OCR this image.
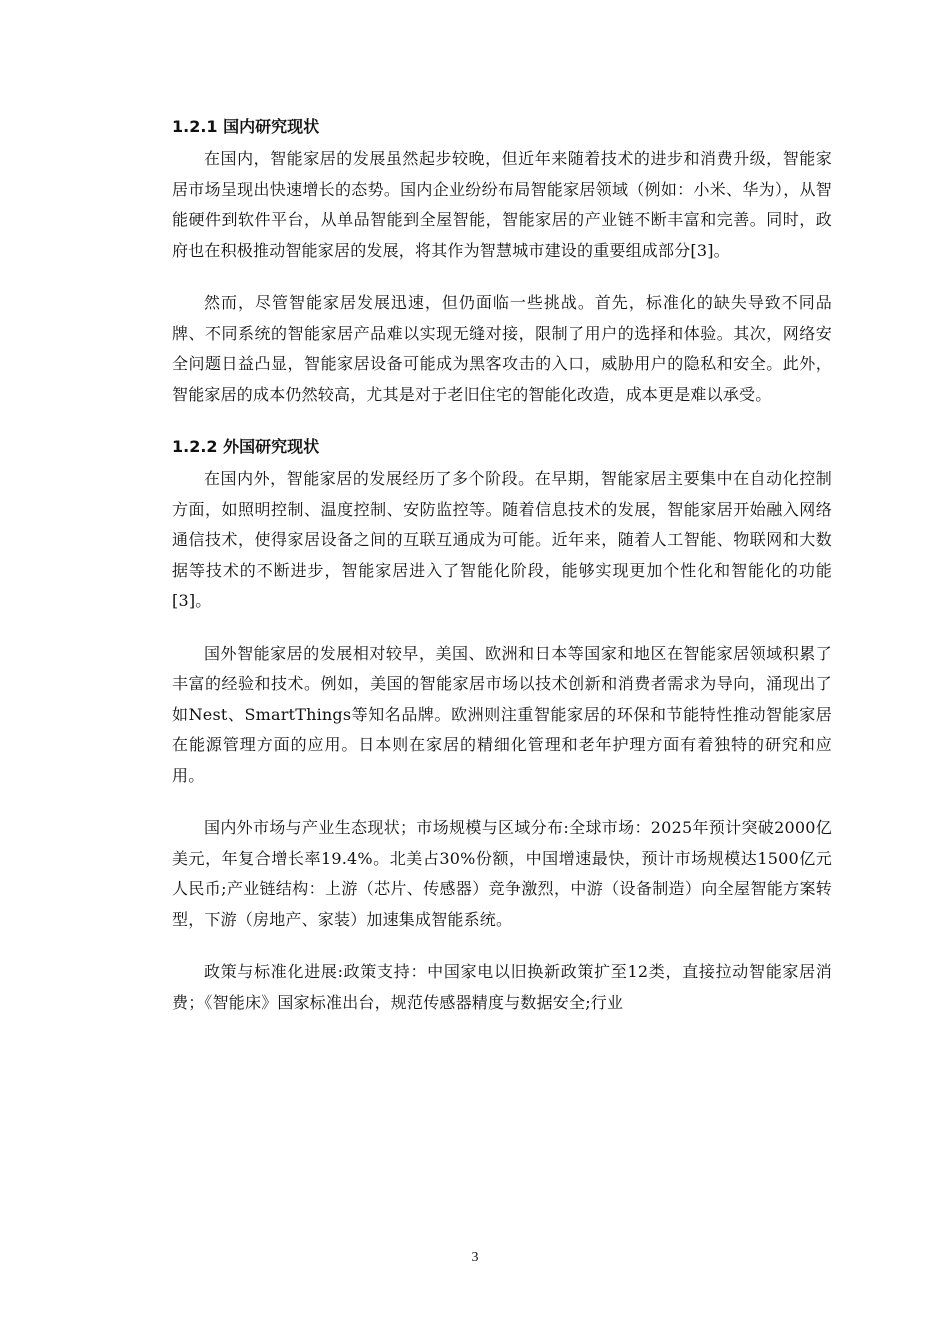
1.2.1 国内研究现状

在国内，智能家居的发展虽然起步较晚，但近年来随着技术的进步和消费升级，智能家居市场呈现出快速增长的态势。国内企业纷纷布局智能家居领域（例如：小米、华为），从智能硬件到软件平台，从单品智能到全屋智能，智能家居的产业链不断丰富和完善。同时，政府也在积极推动智能家居的发展，将其作为智慧城市建设的重要组成部分[3]。

然而，尽管智能家居发展迅速，但仍面临一些挑战。首先，标准化的缺失导致不同品牌、不同系统的智能家居产品难以实现无缝对接，限制了用户的选择和体验。其次，网络安全问题日益凸显，智能家居设备可能成为黑客攻击的入口，威胁用户的隐私和安全。此外，智能家居的成本仍然较高，尤其是对于老旧住宅的智能化改造，成本更是难以承受。

1.2.2 外国研究现状

在国内外，智能家居的发展经历了多个阶段。在早期，智能家居主要集中在自动化控制方面，如照明控制、温度控制、安防监控等。随着信息技术的发展，智能家居开始融入网络通信技术，使得家居设备之间的互联互通成为可能。近年来，随着人工智能、物联网和大数据等技术的不断进步，智能家居进入了智能化阶段，能够实现更加个性化和智能化的功能[3]。

国外智能家居的发展相对较早，美国、欧洲和日本等国家和地区在智能家居领域积累了丰富的经验和技术。例如，美国的智能家居市场以技术创新和消费者需求为导向，涌现出了如Nest、SmartThings等知名品牌。欧洲则注重智能家居的环保和节能特性推动智能家居在能源管理方面的应用。日本则在家居的精细化管理和老年护理方面有着独特的研究和应用。

国内外市场与产业生态现状；市场规模与区域分布:全球市场：2025年预计突破2000亿美元，年复合增长率19.4%。北美占30%份额，中国增速最快，预计市场规模达1500亿元人民币;产业链结构：上游（芯片、传感器）竞争激烈，中游（设备制造）向全屋智能方案转型，下游（房地产、家装）加速集成智能系统。

政策与标准化进展:政策支持：中国家电以旧换新政策扩至12类，直接拉动智能家居消费；《智能床》国家标准出台，规范传感器精度与数据安全;行业

3
